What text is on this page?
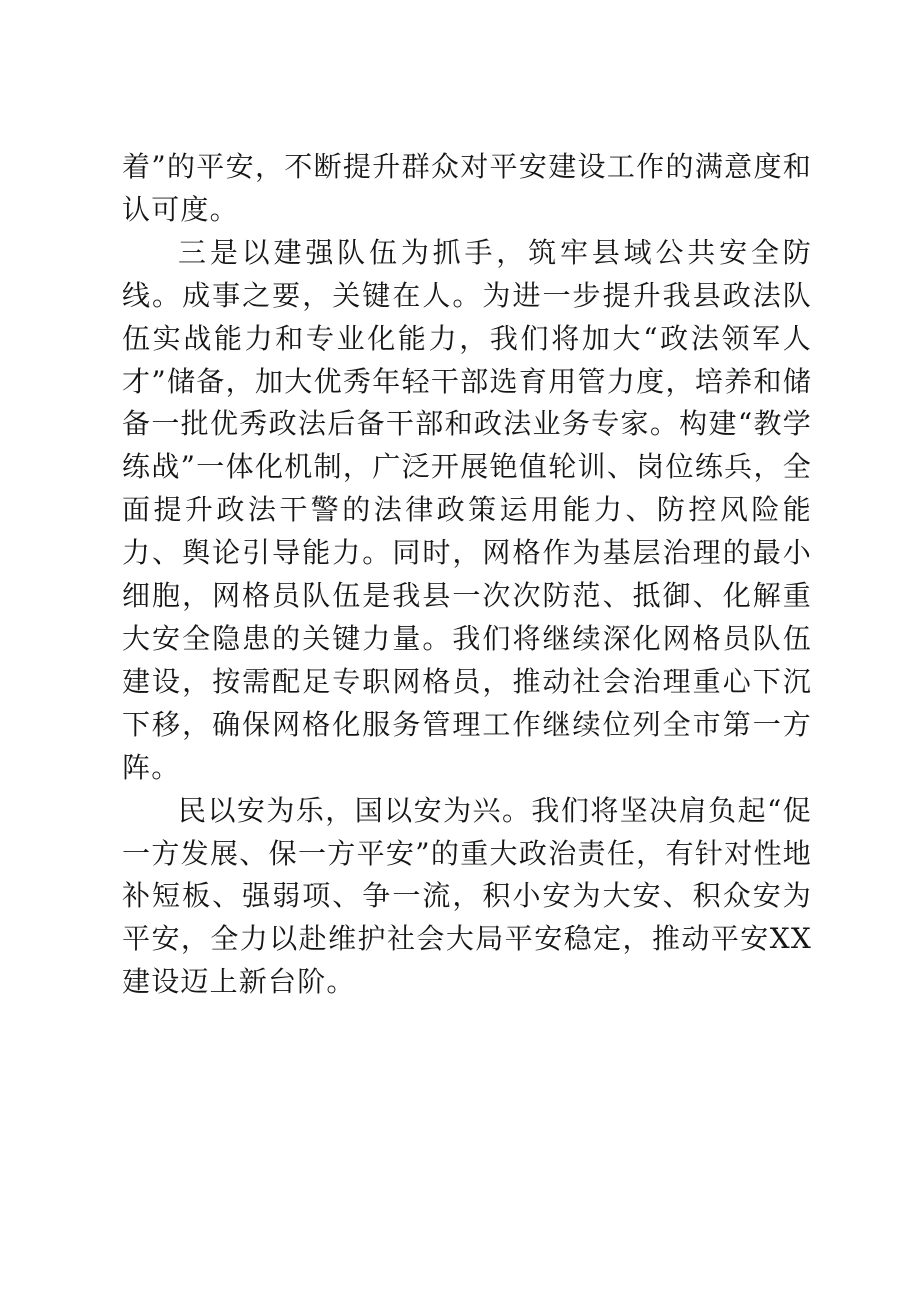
着”的平安，不断提升群众对平安建设工作的满意度和认可度。

三是以建强队伍为抓手，筑牢县域公共安全防线。成事之要，关键在人。为进一步提升我县政法队伍实战能力和专业化能力，我们将加大“政法领军人才”储备，加大优秀年轻干部选育用管力度，培养和储备一批优秀政法后备干部和政法业务专家。构建“教学练战”一体化机制，广泛开展铯值轮训、岗位练兵，全面提升政法干警的法律政策运用能力、防控风险能力、舆论引导能力。同时，网格作为基层治理的最小细胞，网格员队伍是我县一次次防范、抵御、化解重大安全隐患的关键力量。我们将继续深化网格员队伍建设，按需配足专职网格员，推动社会治理重心下沉下移，确保网格化服务管理工作继续位列全市第一方阵。

民以安为乐，国以安为兴。我们将坚决肩负起“促一方发展、保一方平安”的重大政治责任，有针对性地补短板、强弱项、争一流，积小安为大安、积众安为平安，全力以赴维护社会大局平安稳定，推动平安XX建设迈上新台阶。
